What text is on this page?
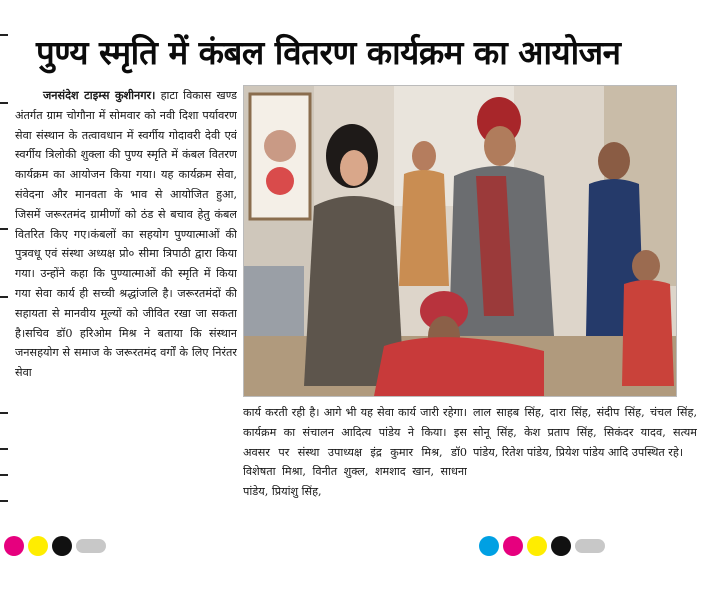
पुण्य स्मृति में कंबल वितरण कार्यक्रम का आयोजन
जनसंदेश टाइम्स कुशीनगर। हाटा विकास खण्ड अंतर्गत ग्राम चोगौना में सोमवार को नवी दिशा पर्यावरण सेवा संस्थान के तत्वावधान में स्वर्गीय गोदावरी देवी एवं स्वर्गीय त्रिलोकी शुक्ला की पुण्य स्मृति में कंबल वितरण कार्यक्रम का आयोजन किया गया। यह कार्यक्रम सेवा, संवेदना और मानवता के भाव से आयोजित हुआ, जिसमें जरूरतमंद ग्रामीणों को ठंड से बचाव हेतु कंबल वितरित किए गए।कंबलों का सहयोग पुण्यात्माओं की पुत्रवधू एवं संस्था अध्यक्ष प्रो० सीमा त्रिपाठी द्वारा किया गया। उन्होंने कहा कि पुण्यात्माओं की स्मृति में किया गया सेवा कार्य ही सच्ची श्रद्धांजलि है। जरूरतमंदों की सहायता से मानवीय मूल्यों को जीवित रखा जा सकता है।सचिव डॉ0 हरिओम मिश्र ने बताया कि संस्थान जनसहयोग से समाज के जरूरतमंद वर्गों के लिए निरंतर सेवा
कार्य करती रही है। आगे भी यह सेवा कार्य जारी रहेगा।कार्यक्रम का संचालन आदित्य पांडेय ने किया। इस अवसर पर संस्था उपाध्यक्ष इंद्र कुमार मिश्र, डॉ0 विशेषता मिश्रा, विनीत शुक्ल, शमशाद खान, साधना पांडेय, प्रियांशु सिंह,
लाल साहब सिंह, दारा सिंह, संदीप सिंह, चंचल सिंह, सोनू सिंह, केश प्रताप सिंह, सिकंदर यादव, सत्यम पांडेय, रितेश पांडेय, प्रियेश पांडेय आदि उपस्थित रहे।
